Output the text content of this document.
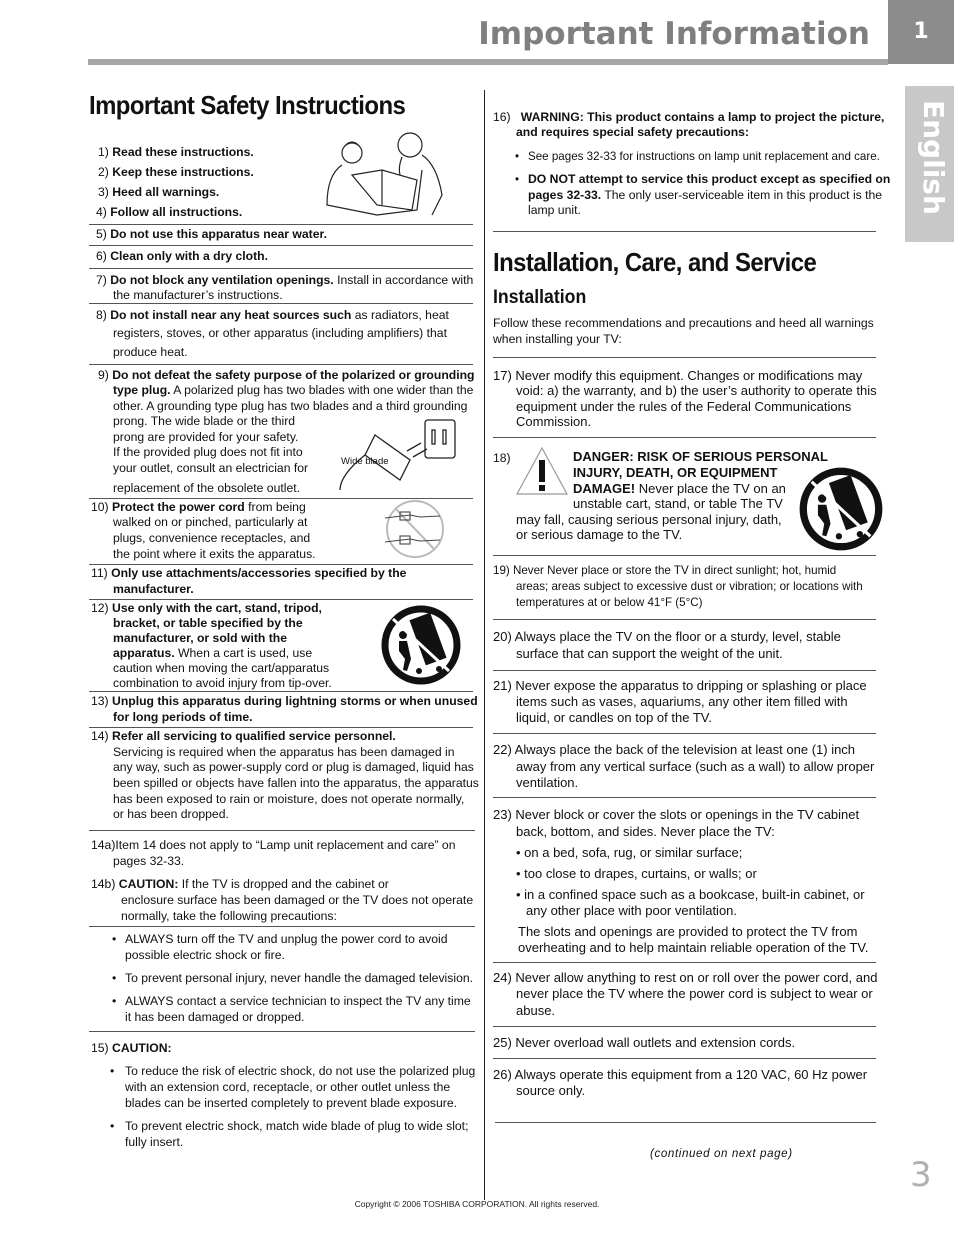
Important Information	1
English
Important Safety Instructions
1) Read these instructions.
2) Keep these instructions.
3) Heed all warnings.
4) Follow all instructions.
5) Do not use this apparatus near water.
6) Clean only with a dry cloth.
7) Do not block any ventilation openings. Install in accordance with
the manufacturer’s instructions.
8) Do not install near any heat sources such as radiators, heat
registers, stoves, or other apparatus (including amplifiers) that
produce heat.
9) Do not defeat the safety purpose of the polarized or grounding
type plug. A polarized plug has two blades with one wider than the
other. A grounding type plug has two blades and a third grounding
prong. The wide blade or the third
prong are provided for your safety.
If the provided plug does not fit into
your outlet, consult an electrician for
replacement of the obsolete outlet.
Wide blade
10) Protect the power cord from being
walked on or pinched, particularly at
plugs, convenience receptacles, and
the point where it exits the apparatus.
11) Only use attachments/accessories specified by the
manufacturer.
12) Use only with the cart, stand, tripod,
bracket, or table specified by the
manufacturer, or sold with the
apparatus. When a cart is used, use
caution when moving the cart/apparatus
combination to avoid injury from tip-over.
13) Unplug this apparatus during lightning storms or when unused
for long periods of time.
14) Refer all servicing to qualified service personnel.
Servicing is required when the apparatus has been damaged in
any way, such as power-supply cord or plug is damaged, liquid has
been spilled or objects have fallen into the apparatus, the apparatus
has been exposed to rain or moisture, does not operate normally,
or has been dropped.
14a)Item 14 does not apply to “Lamp unit replacement and care” on
pages 32-33.
14b) CAUTION: If the TV is dropped and the cabinet or
enclosure surface has been damaged or the TV does not operate
normally, take the following precautions:
• ALWAYS turn off the TV and unplug the power cord to avoid
possible electric shock or fire.
• To prevent personal injury, never handle the damaged television.
• ALWAYS contact a service technician to inspect the TV any time
it has been damaged or dropped.
15) CAUTION:
• To reduce the risk of electric shock, do not use the polarized plug
with an extension cord, receptacle, or other outlet unless the
blades can be inserted completely to prevent blade exposure.
• To prevent electric shock, match wide blade of plug to wide slot;
fully insert.
16) WARNING: This product contains a lamp to project the picture,
and requires special safety precautions:
• See pages 32-33 for instructions on lamp unit replacement and care.
• DO NOT attempt to service this product except as specified on
pages 32-33. The only user-serviceable item in this product is the
lamp unit.
Installation, Care, and Service
Installation
Follow these recommendations and precautions and heed all warnings
when installing your TV:
17) Never modify this equipment. Changes or modifications may
void: a) the warranty, and b) the user’s authority to operate this
equipment under the rules of the Federal Communications
Commission.
18)	DANGER: RISK OF SERIOUS PERSONAL
INJURY, DEATH, OR EQUIPMENT
DAMAGE! Never place the TV on an
unstable cart, stand, or table The TV
may fall, causing serious personal injury, dath,
or serious damage to the TV.
19) Never Never place or store the TV in direct sunlight; hot, humid
areas; areas subject to excessive dust or vibration; or locations with
temperatures at or below 41°F (5°C)
20) Always place the TV on the floor or a sturdy, level, stable
surface that can support the weight of the unit.
21) Never expose the apparatus to dripping or splashing or place
items such as vases, aquariums, any other item filled with
liquid, or candles on top of the TV.
22) Always place the back of the television at least one (1) inch
away from any vertical surface (such as a wall) to allow proper
ventilation.
23) Never block or cover the slots or openings in the TV cabinet
back, bottom, and sides. Never place the TV:
• on a bed, sofa, rug, or similar surface;
• too close to drapes, curtains, or walls; or
• in a confined space such as a bookcase, built-in cabinet, or
any other place with poor ventilation.
The slots and openings are provided to protect the TV from
overheating and to help maintain reliable operation of the TV.
24) Never allow anything to rest on or roll over the power cord, and
never place the TV where the power cord is subject to wear or
abuse.
25) Never overload wall outlets and extension cords.
26) Always operate this equipment from a 120 VAC, 60 Hz power
source only.
(continued on next page)
Copyright © 2006 TOSHIBA CORPORATION. All rights reserved.
3
